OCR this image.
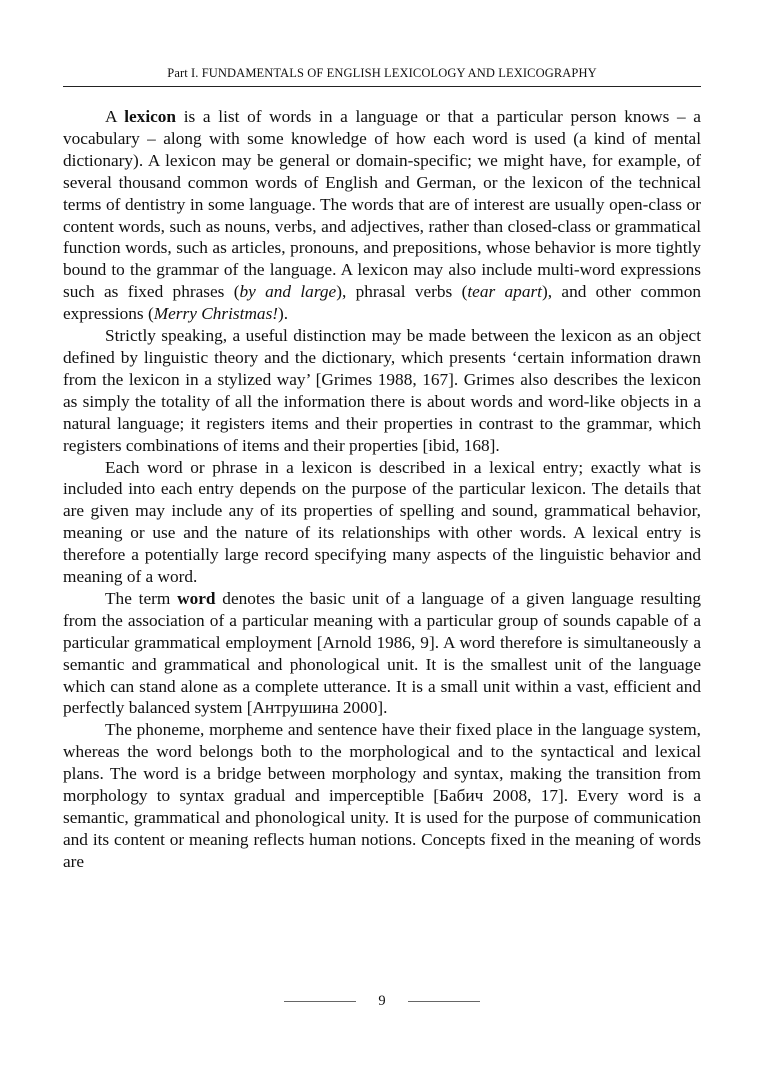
Part I. FUNDAMENTALS OF ENGLISH LEXICOLOGY AND LEXICOGRAPHY

A lexicon is a list of words in a language or that a particular person knows – a vocabulary – along with some knowledge of how each word is used (a kind of mental dictionary). A lexicon may be general or domain-specific; we might have, for example, of several thousand common words of English and German, or the lexicon of the technical terms of dentistry in some language. The words that are of interest are usually open-class or content words, such as nouns, verbs, and adjectives, rather than closed-class or grammatical function words, such as articles, pronouns, and prepositions, whose behavior is more tightly bound to the grammar of the language. A lexicon may also include multi-word expressions such as fixed phrases (by and large), phrasal verbs (tear apart), and other common expressions (Merry Christmas!).

Strictly speaking, a useful distinction may be made between the lexicon as an object defined by linguistic theory and the dictionary, which presents ‘certain information drawn from the lexicon in a stylized way’ [Grimes 1988, 167]. Grimes also describes the lexicon as simply the totality of all the information there is about words and word-like objects in a natural language; it registers items and their properties in contrast to the grammar, which registers combinations of items and their properties [ibid, 168].

Each word or phrase in a lexicon is described in a lexical entry; exactly what is included into each entry depends on the purpose of the particular lexicon. The details that are given may include any of its properties of spelling and sound, grammatical behavior, meaning or use and the nature of its relationships with other words. A lexical entry is therefore a potentially large record specifying many aspects of the linguistic behavior and meaning of a word.

The term word denotes the basic unit of a language of a given language resulting from the association of a particular meaning with a particular group of sounds capable of a particular grammatical employment [Arnold 1986, 9]. A word therefore is simultaneously a semantic and grammatical and phonological unit. It is the smallest unit of the language which can stand alone as a complete utterance. It is a small unit within a vast, efficient and perfectly balanced system [Антрушина 2000].

The phoneme, morpheme and sentence have their fixed place in the language system, whereas the word belongs both to the morphological and to the syntactical and lexical plans. The word is a bridge between morphology and syntax, making the transition from morphology to syntax gradual and imperceptible [Бабич 2008, 17]. Every word is a semantic, grammatical and phonological unity. It is used for the purpose of communication and its content or meaning reflects human notions. Concepts fixed in the meaning of words are

9
